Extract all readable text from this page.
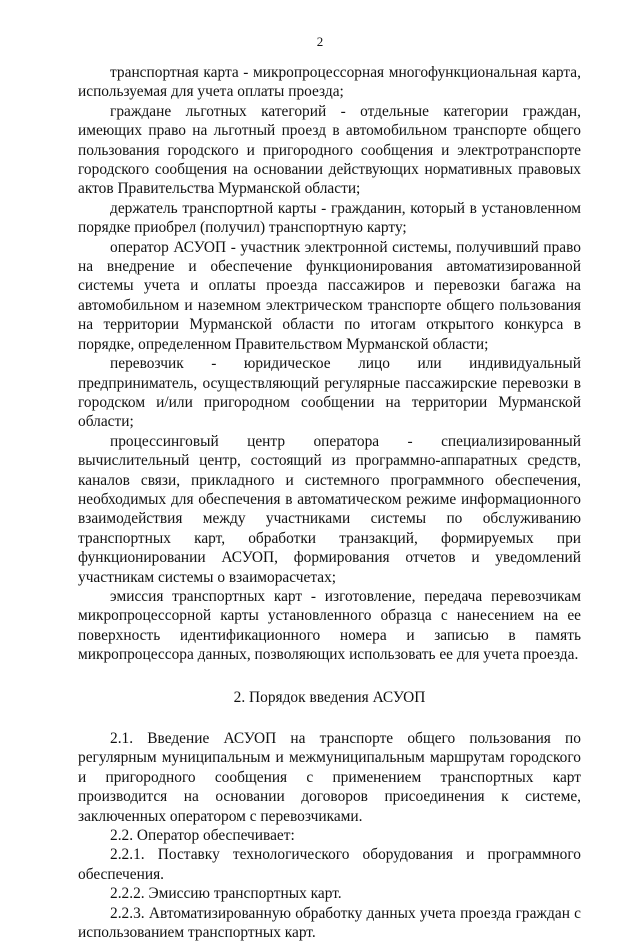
2

транспортная карта - микропроцессорная многофункциональная карта, используемая для учета оплаты проезда;

граждане льготных категорий - отдельные категории граждан, имеющих право на льготный проезд в автомобильном транспорте общего пользования городского и пригородного сообщения и электротранспорте городского сообщения на основании действующих нормативных правовых актов Правительства Мурманской области;

держатель транспортной карты - гражданин, который в установленном порядке приобрел (получил) транспортную карту;

оператор АСУОП - участник электронной системы, получивший право на внедрение и обеспечение функционирования автоматизированной системы учета и оплаты проезда пассажиров и перевозки багажа на автомобильном и наземном электрическом транспорте общего пользования на территории Мурманской области по итогам открытого конкурса в порядке, определенном Правительством Мурманской области;

перевозчик - юридическое лицо или индивидуальный предприниматель, осуществляющий регулярные пассажирские перевозки в городском и/или пригородном сообщении на территории Мурманской области;

процессинговый центр оператора - специализированный вычислительный центр, состоящий из программно-аппаратных средств, каналов связи, прикладного и системного программного обеспечения, необходимых для обеспечения в автоматическом режиме информационного взаимодействия между участниками системы по обслуживанию транспортных карт, обработки транзакций, формируемых при функционировании АСУОП, формирования отчетов и уведомлений участникам системы о взаиморасчетах;

эмиссия транспортных карт - изготовление, передача перевозчикам микропроцессорной карты установленного образца с нанесением на ее поверхность идентификационного номера и записью в память микропроцессора данных, позволяющих использовать ее для учета проезда.

2. Порядок введения АСУОП

2.1. Введение АСУОП на транспорте общего пользования по регулярным муниципальным и межмуниципальным маршрутам городского и пригородного сообщения с применением транспортных карт производится на основании договоров присоединения к системе, заключенных оператором с перевозчиками.

2.2. Оператор обеспечивает:

2.2.1. Поставку технологического оборудования и программного обеспечения.

2.2.2. Эмиссию транспортных карт.

2.2.3. Автоматизированную обработку данных учета проезда граждан с использованием транспортных карт.
